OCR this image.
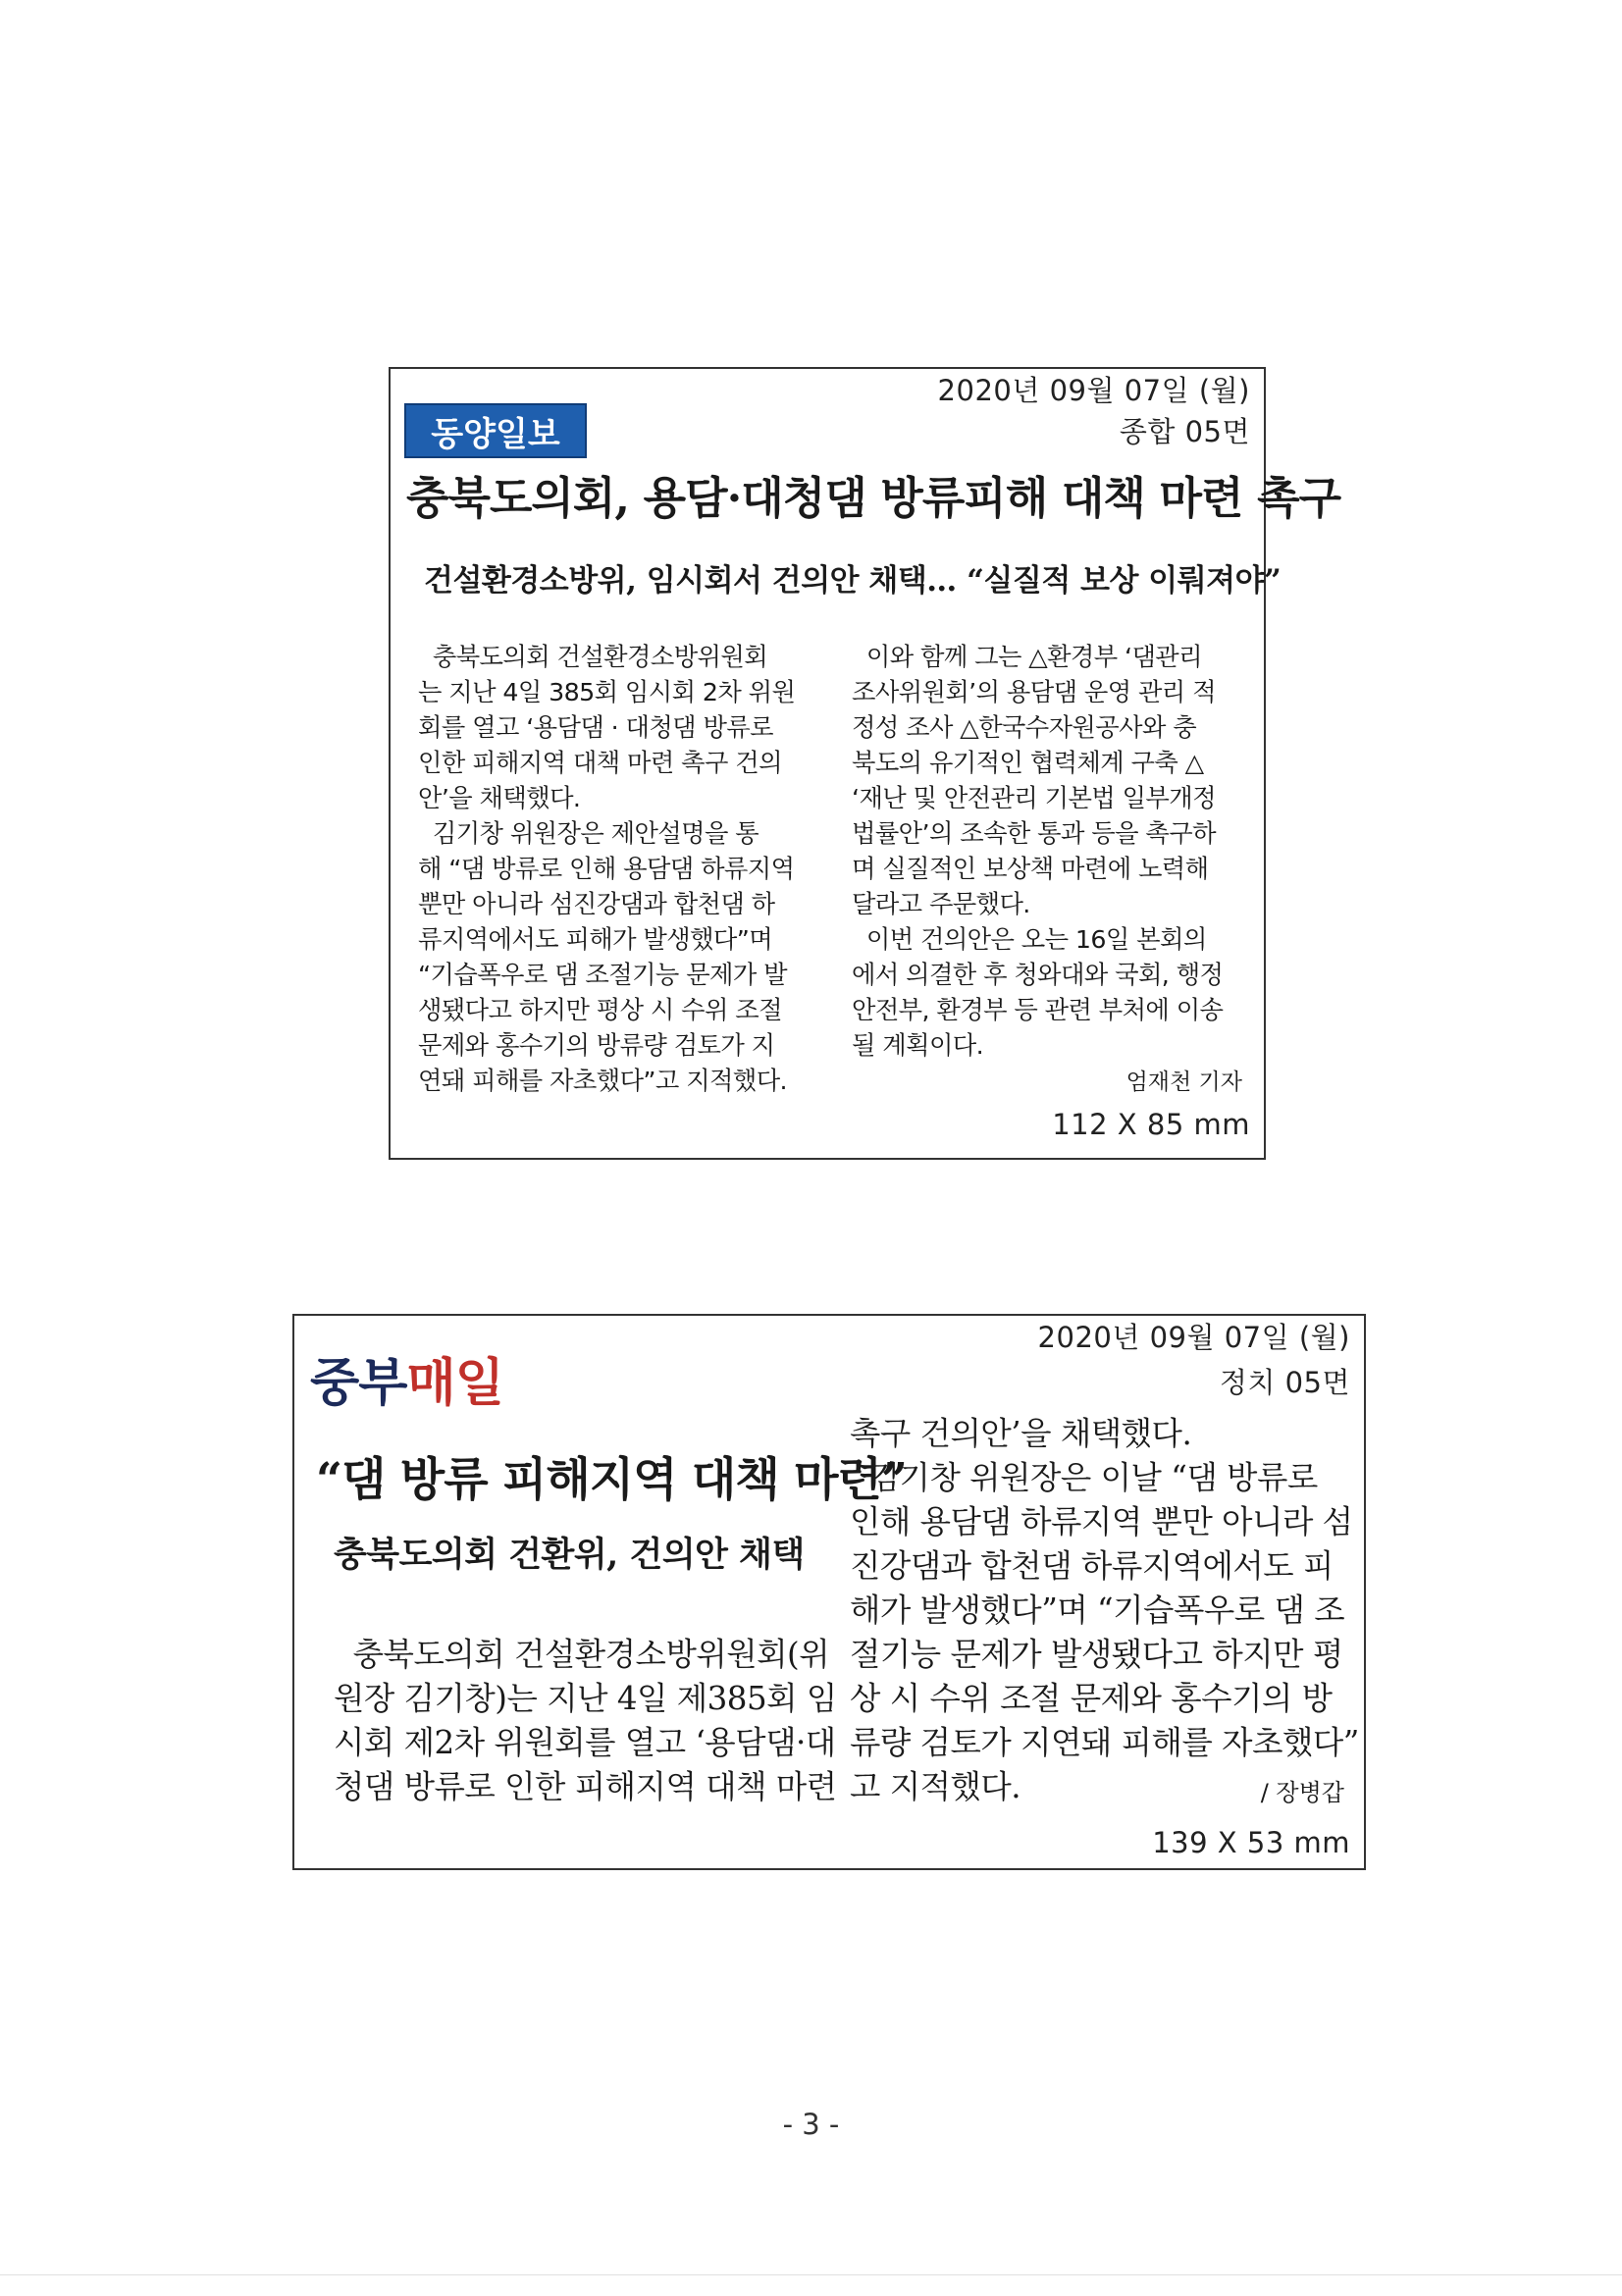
동양일보
2020년 09월 07일 (월)
종합 05면
충북도의회, 용담·대청댐 방류피해 대책 마련 촉구
건설환경소방위, 임시회서 건의안 채택… “실질적 보상 이뤄져야”

충북도의회 건설환경소방위원회

는 지난 4일 385회 임시회 2차 위원

회를 열고 ‘용담댐 · 대청댐 방류로

인한 피해지역 대책 마련 촉구 건의

안’을 채택했다.

김기창 위원장은 제안설명을 통

해 “댐 방류로 인해 용담댐 하류지역

뿐만 아니라 섬진강댐과 합천댐 하

류지역에서도 피해가 발생했다”며

“기습폭우로 댐 조절기능 문제가 발

생됐다고 하지만 평상 시 수위 조절

문제와 홍수기의 방류량 검토가 지

연돼 피해를 자초했다”고 지적했다.

이와 함께 그는 △환경부 ‘댐관리

조사위원회’의 용담댐 운영 관리 적

정성 조사 △한국수자원공사와 충

북도의 유기적인 협력체계 구축 △

‘재난 및 안전관리 기본법 일부개정

법률안’의 조속한 통과 등을 촉구하

며 실질적인 보상책 마련에 노력해

달라고 주문했다.

이번 건의안은 오는 16일 본회의

에서 의결한 후 청와대와 국회, 행정

안전부, 환경부 등 관련 부처에 이송

될 계획이다.

엄재천 기자
112 X 85 mm
중부매일
2020년 09월 07일 (월)
정치 05면
“댐 방류 피해지역 대책 마련”
충북도의회 건환위, 건의안 채택

충북도의회 건설환경소방위원회(위

원장 김기창)는 지난 4일 제385회 임

시회 제2차 위원회를 열고 ‘용담댐·대

청댐 방류로 인한 피해지역 대책 마련

촉구 건의안’을 채택했다.

김기창 위원장은 이날 “댐 방류로

인해 용담댐 하류지역 뿐만 아니라 섬

진강댐과 합천댐 하류지역에서도 피

해가 발생했다”며 “기습폭우로 댐 조

절기능 문제가 발생됐다고 하지만 평

상 시 수위 조절 문제와 홍수기의 방

류량 검토가 지연돼 피해를 자초했다”

고 지적했다.	/ 장병갑
139 X 53 mm
- 3 -
